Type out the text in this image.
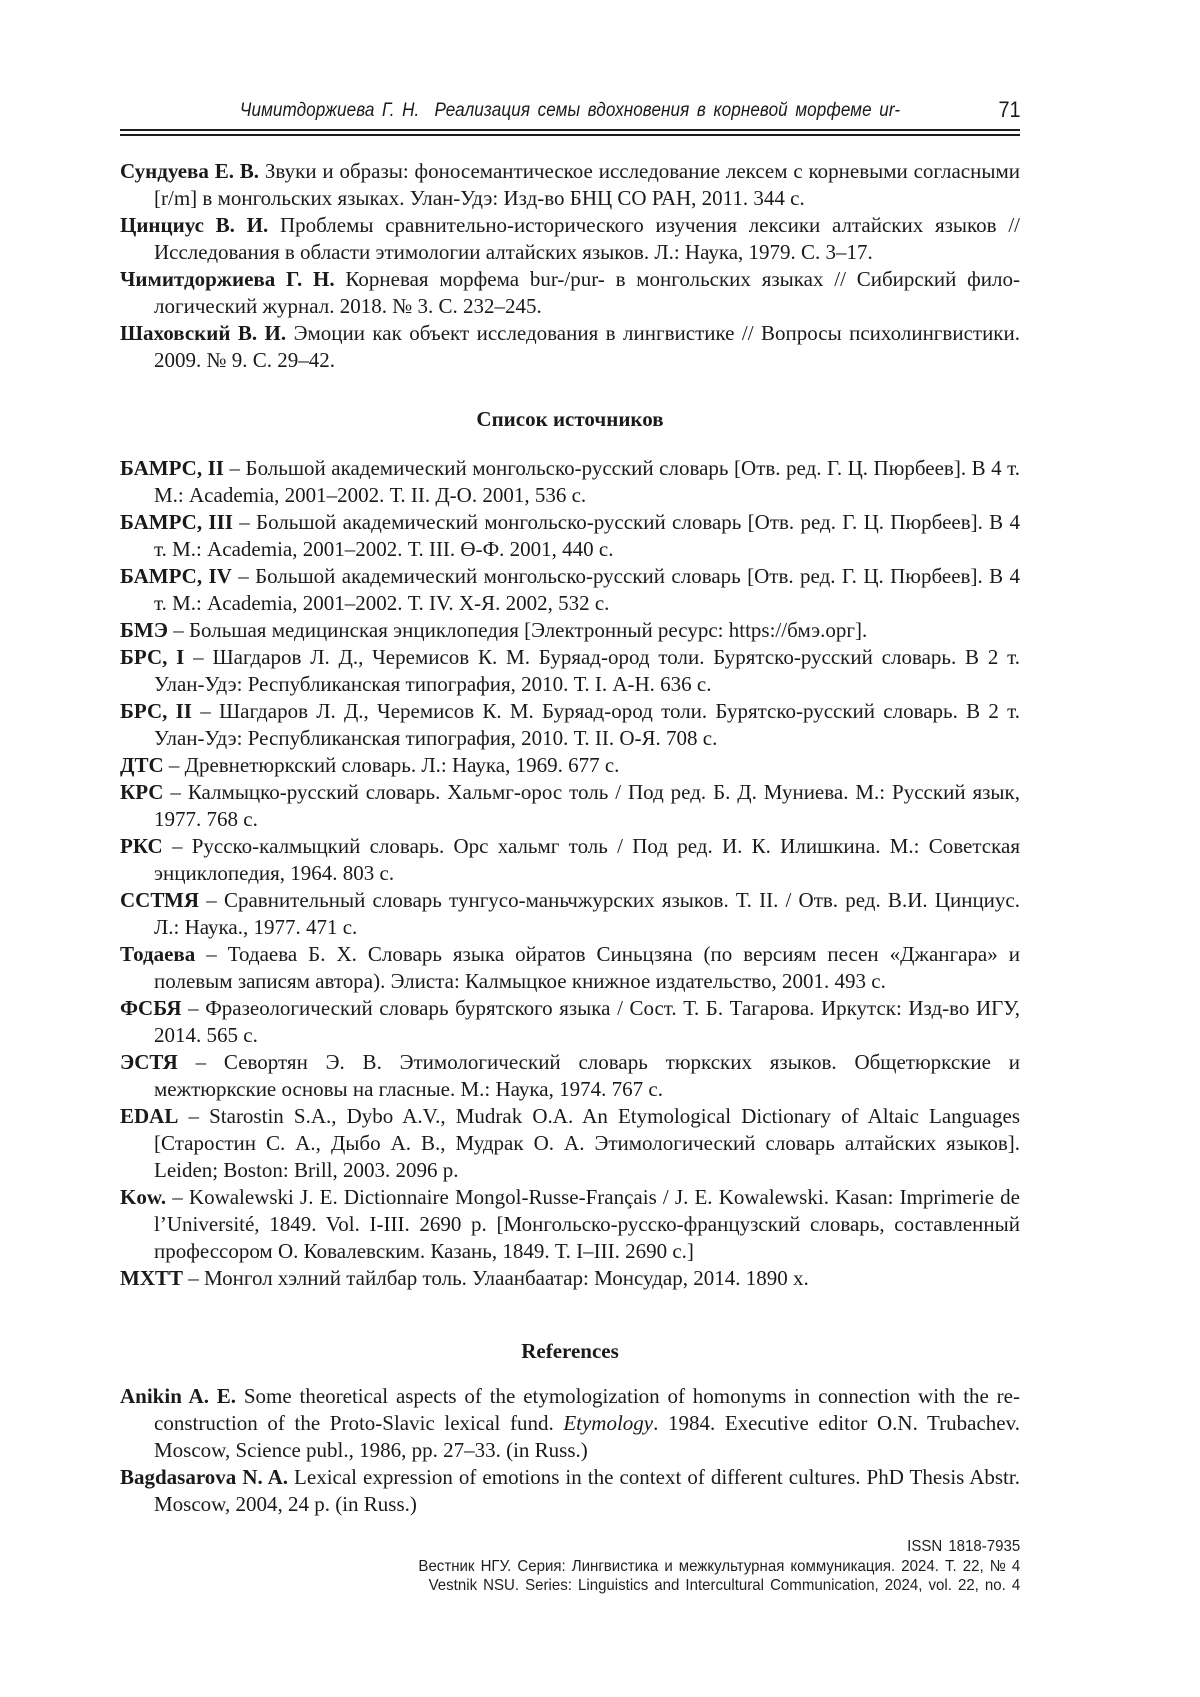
Чимитдоржиева Г. Н. Реализация семы вдохновения в корневой морфеме ur-	71

Сундуева Е. В. Звуки и образы: фоносемантическое исследование лексем с корневыми согласными [r/m] в монгольских языках. Улан-Удэ: Изд-во БНЦ СО РАН, 2011. 344 с.

Цинциус В. И. Проблемы сравнительно-исторического изучения лексики алтайских языков // Исследования в области этимологии алтайских языков. Л.: Наука, 1979. С. 3–17.

Чимитдоржиева Г. Н. Корневая морфема bur-/pur- в монгольских языках // Сибирский филологический журнал. 2018. № 3. С. 232–245.

Шаховский В. И. Эмоции как объект исследования в лингвистике // Вопросы психолингвистики. 2009. № 9. С. 29–42.

Список источников

БАМРС, II – Большой академический монгольско-русский словарь [Отв. ред. Г. Ц. Пюрбеев]. В 4 т. М.: Academia, 2001–2002. Т. II. Д-О. 2001, 536 с.

БАМРС, III – Большой академический монгольско-русский словарь [Отв. ред. Г. Ц. Пюрбеев]. В 4 т. М.: Academia, 2001–2002. Т. III. Ө-Ф. 2001, 440 с.

БАМРС, IV – Большой академический монгольско-русский словарь [Отв. ред. Г. Ц. Пюрбеев]. В 4 т. М.: Academia, 2001–2002. Т. IV. Х-Я. 2002, 532 с.

БМЭ – Большая медицинская энциклопедия [Электронный ресурс: https://бмэ.орг].

БРС, I – Шагдаров Л. Д., Черемисов К. М. Буряад-ород толи. Бурятско-русский словарь. В 2 т. Улан-Удэ: Республиканская типография, 2010. Т. I. А-Н. 636 с.

БРС, II – Шагдаров Л. Д., Черемисов К. М. Буряад-ород толи. Бурятско-русский словарь. В 2 т. Улан-Удэ: Республиканская типография, 2010. Т. II. О-Я. 708 с.

ДТС – Древнетюркский словарь. Л.: Наука, 1969. 677 с.

КРС – Калмыцко-русский словарь. Хальмг-орос толь / Под ред. Б. Д. Муниева. М.: Русский язык, 1977. 768 с.

РКС – Русско-калмыцкий словарь. Орс хальмг толь / Под ред. И. К. Илишкина. М.: Советская энциклопедия, 1964. 803 с.

ССТМЯ – Сравнительный словарь тунгусо-маньчжурских языков. Т. II. / Отв. ред. В.И. Цинциус. Л.: Наука., 1977. 471 с.

Тодаева – Тодаева Б. Х. Словарь языка ойратов Синьцзяна (по версиям песен «Джангара» и полевым записям автора). Элиста: Калмыцкое книжное издательство, 2001. 493 с.

ФСБЯ – Фразеологический словарь бурятского языка / Сост. Т. Б. Тагарова. Иркутск: Изд-во ИГУ, 2014. 565 с.

ЭСТЯ – Севортян Э. В. Этимологический словарь тюркских языков. Общетюркские и межтюркские основы на гласные. М.: Наука, 1974. 767 с.

EDAL – Starostin S.A., Dybo A.V., Mudrak O.A. An Etymological Dictionary of Altaic Languages [Старостин С. А., Дыбо А. В., Мудрак О. А. Этимологический словарь алтайских языков]. Leiden; Boston: Brill, 2003. 2096 p.

Kow. – Kowalewski J. E. Dictionnaire Mongol-Russe-Français / J. E. Kowalewski. Kasan: Imprimerie de l’Université, 1849. Vol. I-III. 2690 p. [Монгольско-русско-французский словарь, составленный профессором О. Ковалевским. Казань, 1849. Т. I–III. 2690 с.]

МХТТ – Монгол хэлний тайлбар толь. Улаанбаатар: Монсудар, 2014. 1890 х.

References

Anikin A. E. Some theoretical aspects of the etymologization of homonyms in connection with the reconstruction of the Proto-Slavic lexical fund. Etymology. 1984. Executive editor O.N. Trubachev. Moscow, Science publ., 1986, pp. 27–33. (in Russ.)

Bagdasarova N. A. Lexical expression of emotions in the context of different cultures. PhD Thesis Abstr. Moscow, 2004, 24 p. (in Russ.)

ISSN 1818-7935
Вестник НГУ. Серия: Лингвистика и межкультурная коммуникация. 2024. Т. 22, № 4
Vestnik NSU. Series: Linguistics and Intercultural Communication, 2024, vol. 22, no. 4
